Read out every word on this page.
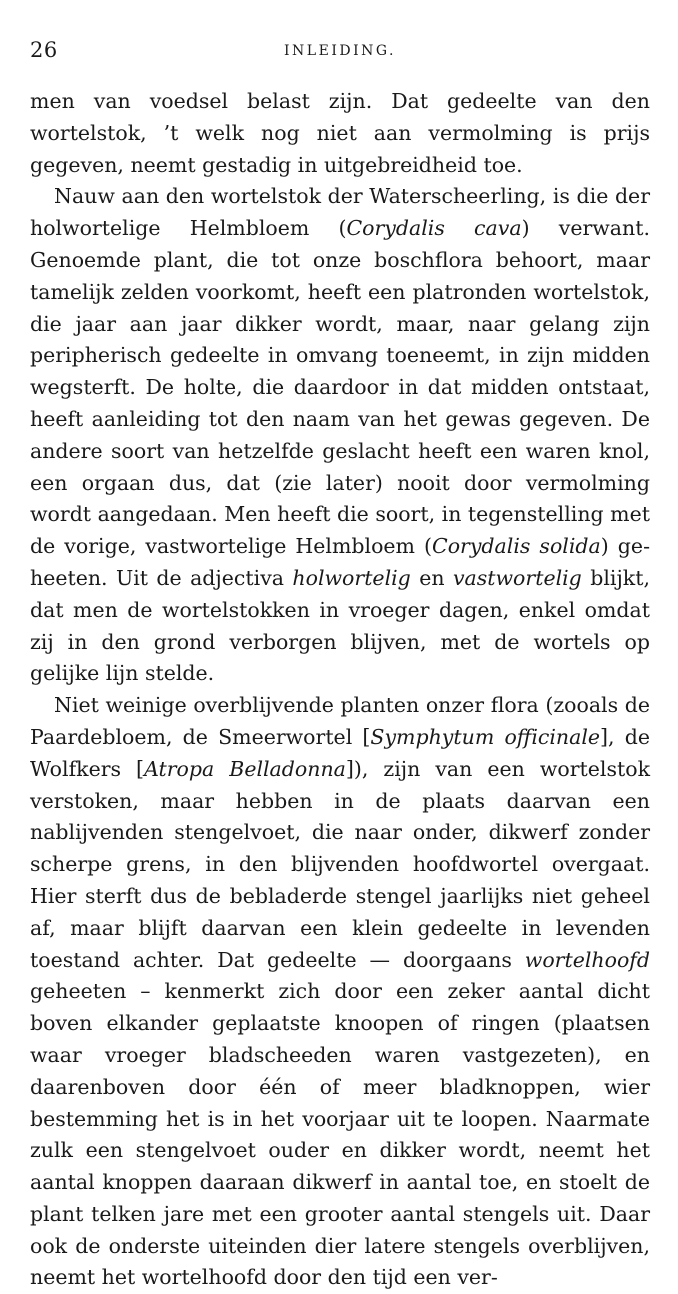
26	INLEIDING.

men van voedsel belast zijn. Dat gedeelte van den wortelstok, ’t welk nog niet aan vermolming is prijs gegeven, neemt gestadig in uitgebreidheid toe.

Nauw aan den wortelstok der Waterscheerling, is die der holwortelige Helmbloem (Corydalis cava) verwant. Genoemde plant, die tot onze boschflora behoort, maar tamelijk zelden voorkomt, heeft een platronden wortelstok, die jaar aan jaar dikker wordt, maar, naar gelang zijn peripherisch gedeelte in omvang toeneemt, in zijn midden wegsterft. De holte, die daardoor in dat midden ontstaat, heeft aanleiding tot den naam van het gewas gegeven. De andere soort van hetzelfde geslacht heeft een waren knol, een orgaan dus, dat (zie later) nooit door vermolming wordt aangedaan. Men heeft die soort, in tegenstelling met de vorige, vastwortelige Helmbloem (Corydalis solida) geheeten. Uit de adjectiva holwortelig en vastwortelig blijkt, dat men de wortelstokken in vroeger dagen, enkel omdat zij in den grond verborgen blijven, met de wortels op gelijke lijn stelde.

Niet weinige overblijvende planten onzer flora (zooals de Paardebloem, de Smeerwortel [Symphytum officinale], de Wolfkers [Atropa Belladonna]), zijn van een wortelstok verstoken, maar hebben in de plaats daarvan een nablijvenden stengelvoet, die naar onder, dikwerf zonder scherpe grens, in den blijvenden hoofdwortel overgaat. Hier sterft dus de bebladerde stengel jaarlijks niet geheel af, maar blijft daarvan een klein gedeelte in levenden toestand achter. Dat gedeelte — doorgaans wortelhoofd geheeten – kenmerkt zich door een zeker aantal dicht boven elkander geplaatste knoopen of ringen (plaatsen waar vroeger bladscheeden waren vastgezeten), en daarenboven door één of meer bladknoppen, wier bestemming het is in het voorjaar uit te loopen. Naarmate zulk een stengelvoet ouder en dikker wordt, neemt het aantal knoppen daaraan dikwerf in aantal toe, en stoelt de plant telken jare met een grooter aantal stengels uit. Daar ook de onderste uiteinden dier latere stengels overblijven, neemt het wortelhoofd door den tijd een ver-
